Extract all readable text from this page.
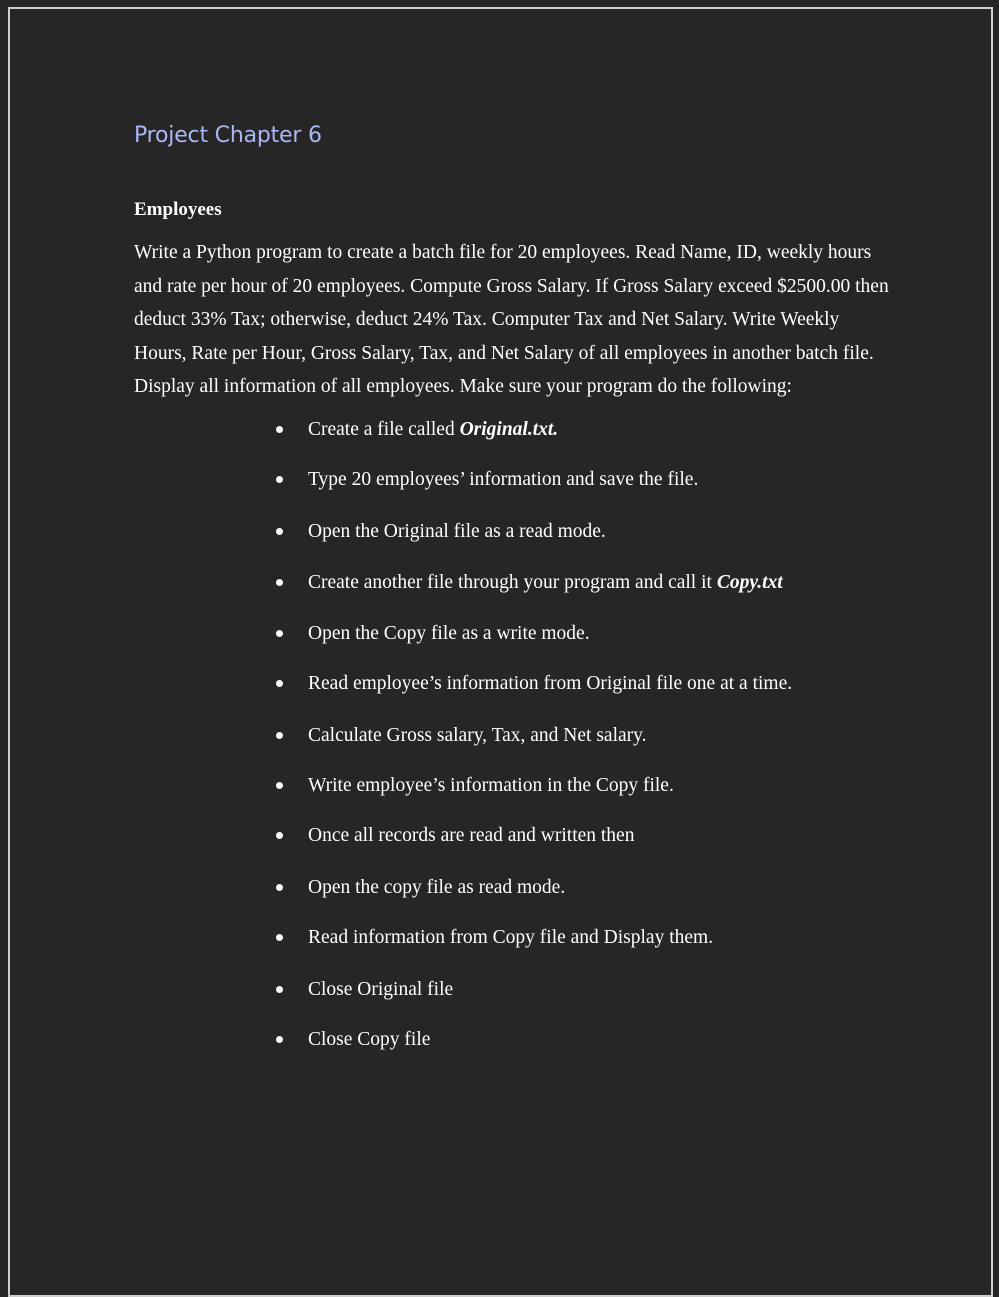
Project Chapter 6
Employees

Write a Python program to create a batch file for 20 employees. Read Name, ID, weekly hours and rate per hour of 20 employees. Compute Gross Salary. If Gross Salary exceed $2500.00 then deduct 33% Tax; otherwise, deduct 24% Tax. Computer Tax and Net Salary. Write Weekly Hours, Rate per Hour, Gross Salary, Tax, and Net Salary of all employees in another batch file. Display all information of all employees. Make sure your program do the following:

Create a file called Original.txt.
Type 20 employees’ information and save the file.
Open the Original file as a read mode.
Create another file through your program and call it Copy.txt
Open the Copy file as a write mode.
Read employee’s information from Original file one at a time.
Calculate Gross salary, Tax, and Net salary.
Write employee’s information in the Copy file.
Once all records are read and written then
Open the copy file as read mode.
Read information from Copy file and Display them.
Close Original file
Close Copy file
